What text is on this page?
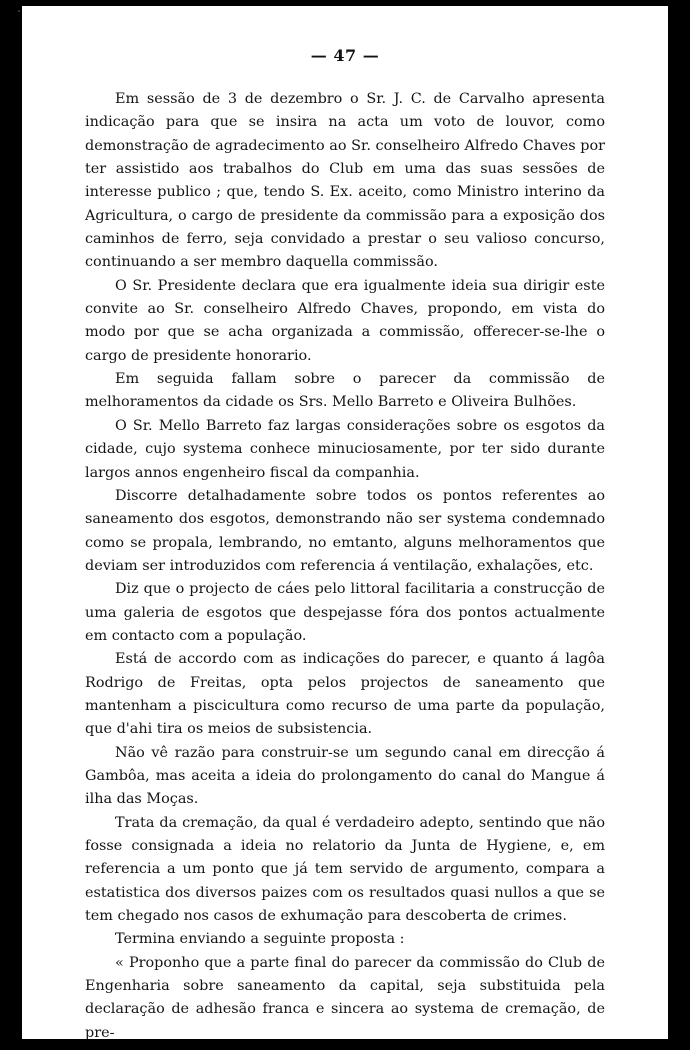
— 47 —

Em sessão de 3 de dezembro o Sr. J. C. de Carvalho apresenta indicação para que se insira na acta um voto de louvor, como demonstração de agradecimento ao Sr. conselheiro Alfredo Chaves por ter assistido aos trabalhos do Club em uma das suas sessões de interesse publico ; que, tendo S. Ex. aceito, como Ministro interino da Agricultura, o cargo de presidente da commissão para a exposição dos caminhos de ferro, seja convidado a prestar o seu valioso concurso, continuando a ser membro daquella commissão.

O Sr. Presidente declara que era igualmente ideia sua dirigir este convite ao Sr. conselheiro Alfredo Chaves, propondo, em vista do modo por que se acha organizada a commissão, offerecer-se-lhe o cargo de presidente honorario.

Em seguida fallam sobre o parecer da commissão de melhoramentos da cidade os Srs. Mello Barreto e Oliveira Bulhões.

O Sr. Mello Barreto faz largas considerações sobre os esgotos da cidade, cujo systema conhece minuciosamente, por ter sido durante largos annos engenheiro fiscal da companhia.

Discorre detalhadamente sobre todos os pontos referentes ao saneamento dos esgotos, demonstrando não ser systema condemnado como se propala, lembrando, no emtanto, alguns melhoramentos que deviam ser introduzidos com referencia á ventilação, exhalações, etc.

Diz que o projecto de cáes pelo littoral facilitaria a construcção de uma galeria de esgotos que despejasse fóra dos pontos actualmente em contacto com a população.

Está de accordo com as indicações do parecer, e quanto á lagôa Rodrigo de Freitas, opta pelos projectos de saneamento que mantenham a piscicultura como recurso de uma parte da população, que d'ahi tira os meios de subsistencia.

Não vê razão para construir-se um segundo canal em direcção á Gambôa, mas aceita a ideia do prolongamento do canal do Mangue á ilha das Moças.

Trata da cremação, da qual é verdadeiro adepto, sentindo que não fosse consignada a ideia no relatorio da Junta de Hygiene, e, em referencia a um ponto que já tem servido de argumento, compara a estatistica dos diversos paizes com os resultados quasi nullos a que se tem chegado nos casos de exhumação para descoberta de crimes.

Termina enviando a seguinte proposta :

« Proponho que a parte final do parecer da commissão do Club de Engenharia sobre saneamento da capital, seja substituida pela declaração de adhesão franca e sincera ao systema de cremação, de pre-
